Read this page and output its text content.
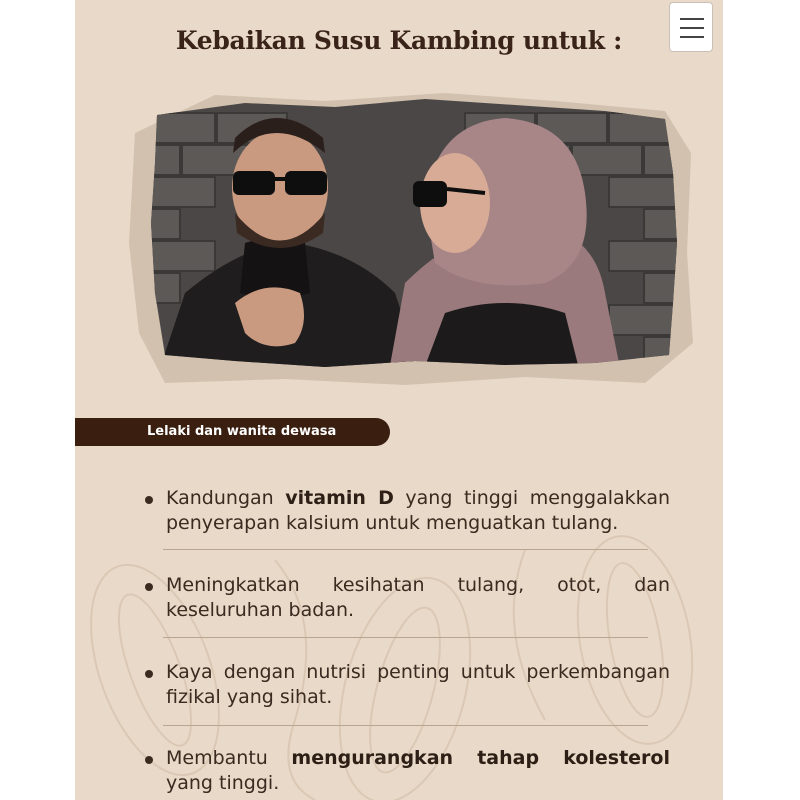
Kebaikan Susu Kambing untuk :
Lelaki dan wanita dewasa
Kandungan vitamin D yang tinggi menggalakkan penyerapan kalsium untuk menguatkan tulang.
Meningkatkan kesihatan tulang, otot, dan keseluruhan badan.
Kaya dengan nutrisi penting untuk perkembangan fizikal yang sihat.
Membantu mengurangkan tahap kolesterol yang tinggi.
